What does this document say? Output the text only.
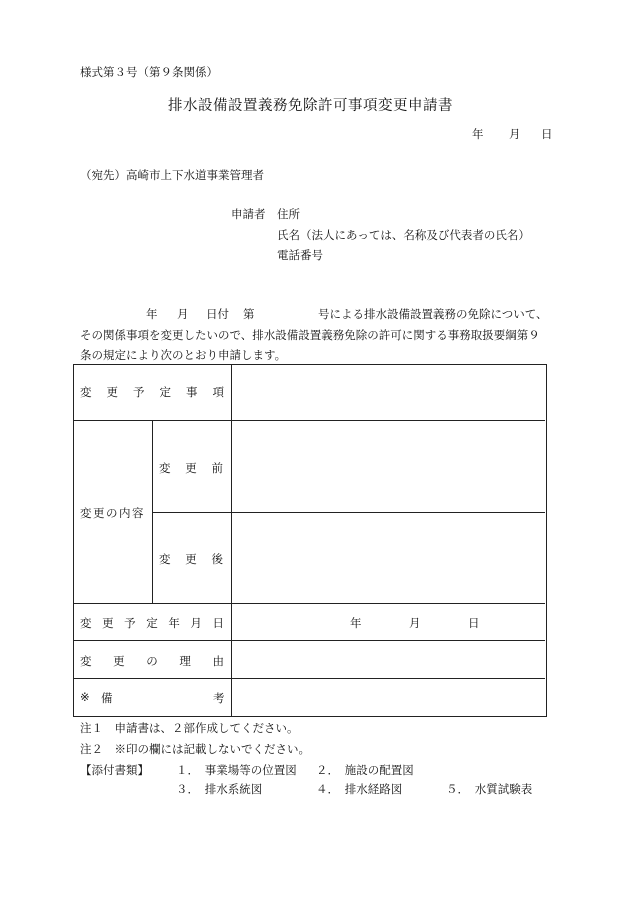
様式第３号（第９条関係）
排水設備設置義務免除許可事項変更申請書
年 月 日
（宛先）高崎市上下水道事業管理者
申請者 住所
氏名（法人にあっては、名称及び代表者の氏名）
電話番号
年 月 日付 第	号による排水設備設置義務の免除について、
その関係事項を変更したいので、排水設備設置義務免除の許可に関する事務取扱要綱第９
条の規定により次のとおり申請します。
変 更 予 定 事 項
変更の内容
変 更 前
変 更 後
変 更 予 定 年 月 日	年	月	日
変 更 の 理 由
※ 備	考
注１　申請書は、２部作成してください。
注２　※印の欄には記載しないでください。
【添付書類】 １．　事業場等の位置図 ２．　施設の配置図
３．　排水系統図	４．　排水経路図	５．　水質試験表
